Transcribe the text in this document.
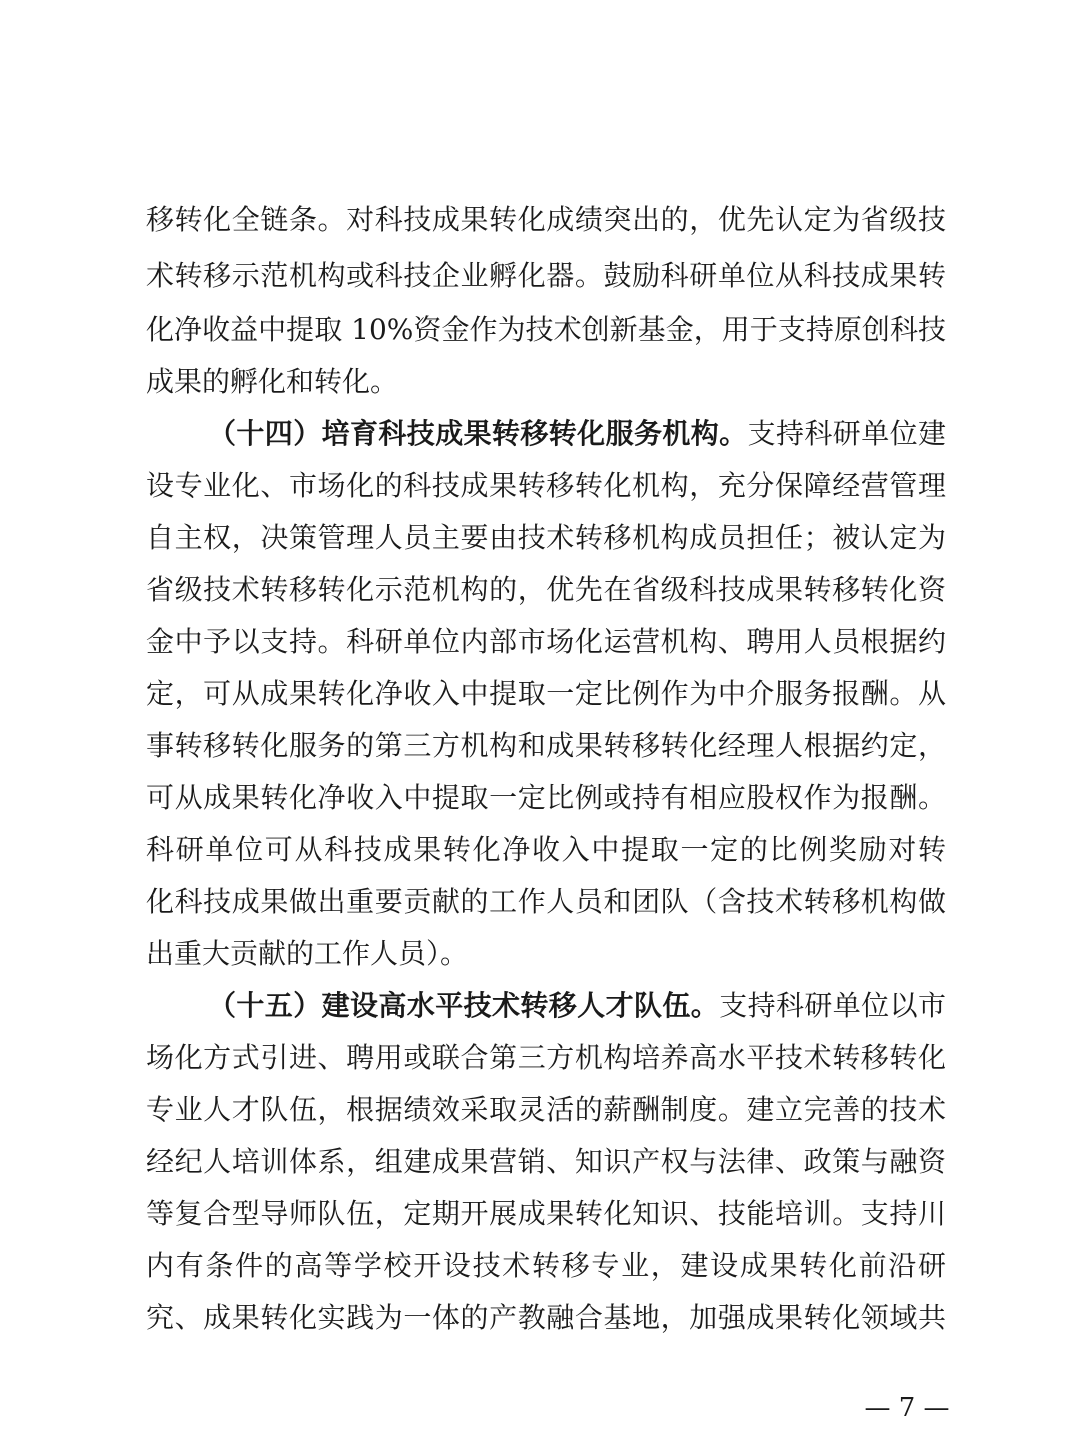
移转化全链条。对科技成果转化成绩突出的，优先认定为省级技
术转移示范机构或科技企业孵化器。鼓励科研单位从科技成果转
化净收益中提取 10%资金作为技术创新基金，用于支持原创科技
成果的孵化和转化。
（十四）培育科技成果转移转化服务机构。支持科研单位建
设专业化、市场化的科技成果转移转化机构，充分保障经营管理
自主权，决策管理人员主要由技术转移机构成员担任；被认定为
省级技术转移转化示范机构的，优先在省级科技成果转移转化资
金中予以支持。科研单位内部市场化运营机构、聘用人员根据约
定，可从成果转化净收入中提取一定比例作为中介服务报酬。从
事转移转化服务的第三方机构和成果转移转化经理人根据约定，
可从成果转化净收入中提取一定比例或持有相应股权作为报酬。
科研单位可从科技成果转化净收入中提取一定的比例奖励对转
化科技成果做出重要贡献的工作人员和团队（含技术转移机构做
出重大贡献的工作人员）。
（十五）建设高水平技术转移人才队伍。支持科研单位以市
场化方式引进、聘用或联合第三方机构培养高水平技术转移转化
专业人才队伍，根据绩效采取灵活的薪酬制度。建立完善的技术
经纪人培训体系，组建成果营销、知识产权与法律、政策与融资
等复合型导师队伍，定期开展成果转化知识、技能培训。支持川
内有条件的高等学校开设技术转移专业，建设成果转化前沿研
究、成果转化实践为一体的产教融合基地，加强成果转化领域共
— 7 —
